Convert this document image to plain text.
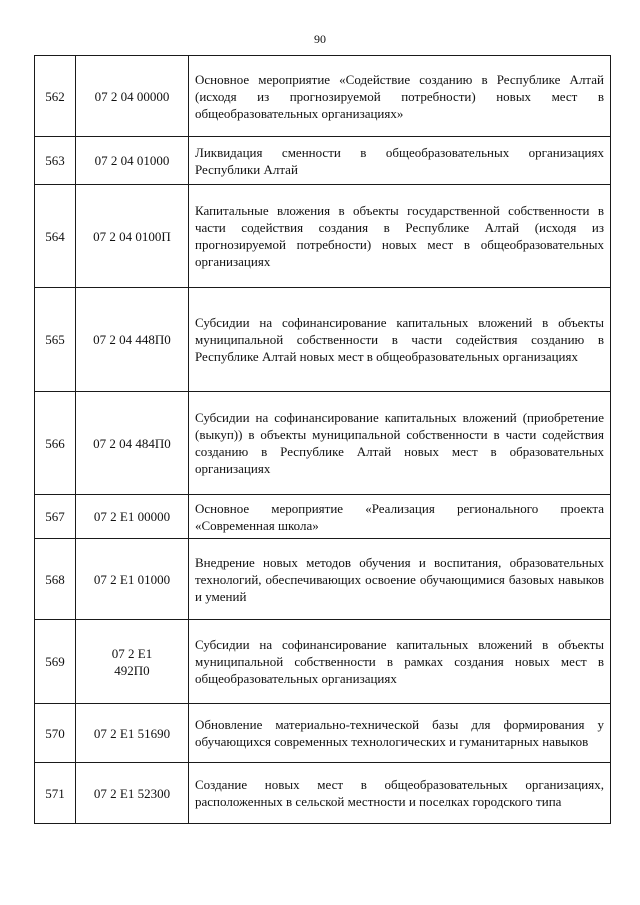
90
562	07 2 04 00000	Основное мероприятие «Содействие созданию в Республике Алтай (исходя из прогнозируемой потребности) новых мест в общеобразовательных организациях»

563	07 2 04 01000	Ликвидация сменности в общеобразовательных организациях Республики Алтай

564	07 2 04 0100П	Капитальные вложения в объекты государственной собственности в части содействия создания в Республике Алтай (исходя из прогнозируемой потребности) новых мест в общеобразовательных организациях

565	07 2 04 448П0	Субсидии на софинансирование капитальных вложений в объекты муниципальной собственности в части содействия созданию в Республике Алтай новых мест в общеобразовательных организациях

566	07 2 04 484П0	Субсидии на софинансирование капитальных вложений (приобретение (выкуп)) в объекты муниципальной собственности в части содействия созданию в Республике Алтай новых мест в образовательных организациях

567	07 2 E1 00000	Основное мероприятие «Реализация регионального проекта «Современная школа»

568	07 2 E1 01000	Внедрение новых методов обучения и воспитания, образовательных технологий, обеспечивающих освоение обучающимися базовых навыков и умений

569	07 2 E1 492П0	Субсидии на софинансирование капитальных вложений в объекты муниципальной собственности в рамках создания новых мест в общеобразовательных организациях

570	07 2 E1 51690	Обновление материально-технической базы для формирования у обучающихся современных технологических и гуманитарных навыков

571	07 2 E1 52300	Создание новых мест в общеобразовательных организациях, расположенных в сельской местности и поселках городского типа
